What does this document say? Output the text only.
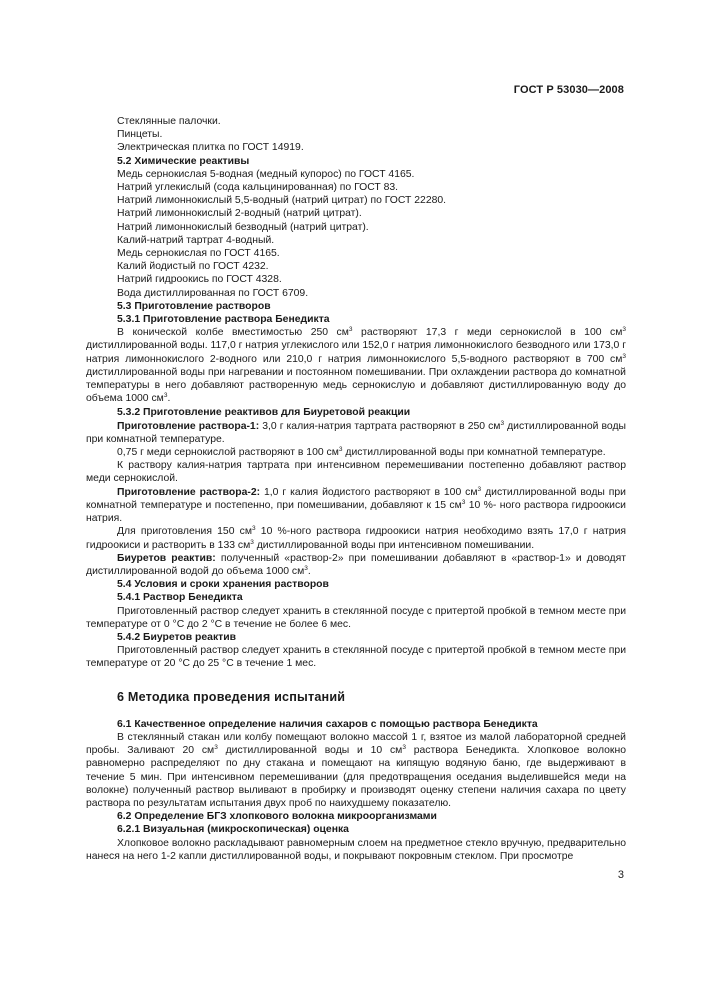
ГОСТ Р 53030—2008
Стеклянные палочки.
Пинцеты.
Электрическая плитка по ГОСТ 14919.
5.2 Химические реактивы
Медь сернокислая 5-водная (медный купорос) по ГОСТ 4165.
Натрий углекислый (сода кальцинированная) по ГОСТ 83.
Натрий лимоннокислый 5,5-водный (натрий цитрат) по ГОСТ 22280.
Натрий лимоннокислый 2-водный (натрий цитрат).
Натрий лимоннокислый безводный (натрий цитрат).
Калий-натрий тартрат 4-водный.
Медь сернокислая по ГОСТ 4165.
Калий йодистый по ГОСТ 4232.
Натрий гидроокись по ГОСТ 4328.
Вода дистиллированная по ГОСТ 6709.
5.3 Приготовление растворов
5.3.1 Приготовление раствора Бенедикта
В конической колбе вместимостью 250 $см^3$ растворяют 17,3 г меди сернокислой в 100 $см^3$ дистиллированной воды. 117,0 г натрия углекислого или 152,0 г натрия лимоннокислого безводного или 173,0 г натрия лимоннокислого 2-водного или 210,0 г натрия лимоннокислого 5,5-водного растворяют в 700 $см^3$ дистиллированной воды при нагревании и постоянном помешивании. При охлаждении раствора до комнатной температуры в него добавляют растворенную медь сернокислую и добавляют дистиллированную воду до объема 1000 $см^3$.
5.3.2 Приготовление реактивов для Биуретовой реакции
Приготовление раствора-1: 3,0 г калия-натрия тартрата растворяют в 250 $см^3$ дистиллированной воды при комнатной температуре.
0,75 г меди сернокислой растворяют в 100 $см^3$ дистиллированной воды при комнатной температуре.
К раствору калия-натрия тартрата при интенсивном перемешивании постепенно добавляют раствор меди сернокислой.
Приготовление раствора-2: 1,0 г калия йодистого растворяют в 100 $см^3$ дистиллированной воды при комнатной температуре и постепенно, при помешивании, добавляют к 15 $см^3$ 10 %- ного раствора гидроокиси натрия.
Для приготовления 150 $см^3$ 10 %-ного раствора гидроокиси натрия необходимо взять 17,0 г натрия гидроокиси и растворить в 133 $см^3$ дистиллированной воды при интенсивном помешивании.
Биуретов реактив: полученный «раствор-2» при помешивании добавляют в «раствор-1» и доводят дистиллированной водой до объема 1000 $см^3$.
5.4 Условия и сроки хранения растворов
5.4.1 Раствор Бенедикта
Приготовленный раствор следует хранить в стеклянной посуде с притертой пробкой в темном месте при температуре от 0 °С до 2 °С в течение не более 6 мес.
5.4.2 Биуретов реактив
Приготовленный раствор следует хранить в стеклянной посуде с притертой пробкой в темном месте при температуре от 20 °С до 25 °С в течение 1 мес.
6 Методика проведения испытаний
6.1 Качественное определение наличия сахаров с помощью раствора Бенедикта
В стеклянный стакан или колбу помещают волокно массой 1 г, взятое из малой лабораторной средней пробы. Заливают 20 $см^3$ дистиллированной воды и 10 $см^3$ раствора Бенедикта. Хлопковое волокно равномерно распределяют по дну стакана и помещают на кипящую водяную баню, где выдерживают в течение 5 мин. При интенсивном перемешивании (для предотвращения оседания выделившейся меди на волокне) полученный раствор выливают в пробирку и производят оценку степени наличия сахара по цвету раствора по результатам испытания двух проб по наихудшему показателю.
6.2 Определение БГЗ хлопкового волокна микроорганизмами
6.2.1 Визуальная (микроскопическая) оценка
Хлопковое волокно раскладывают равномерным слоем на предметное стекло вручную, предварительно нанеся на него 1-2 капли дистиллированной воды, и покрывают покровным стеклом. При просмотре
3
